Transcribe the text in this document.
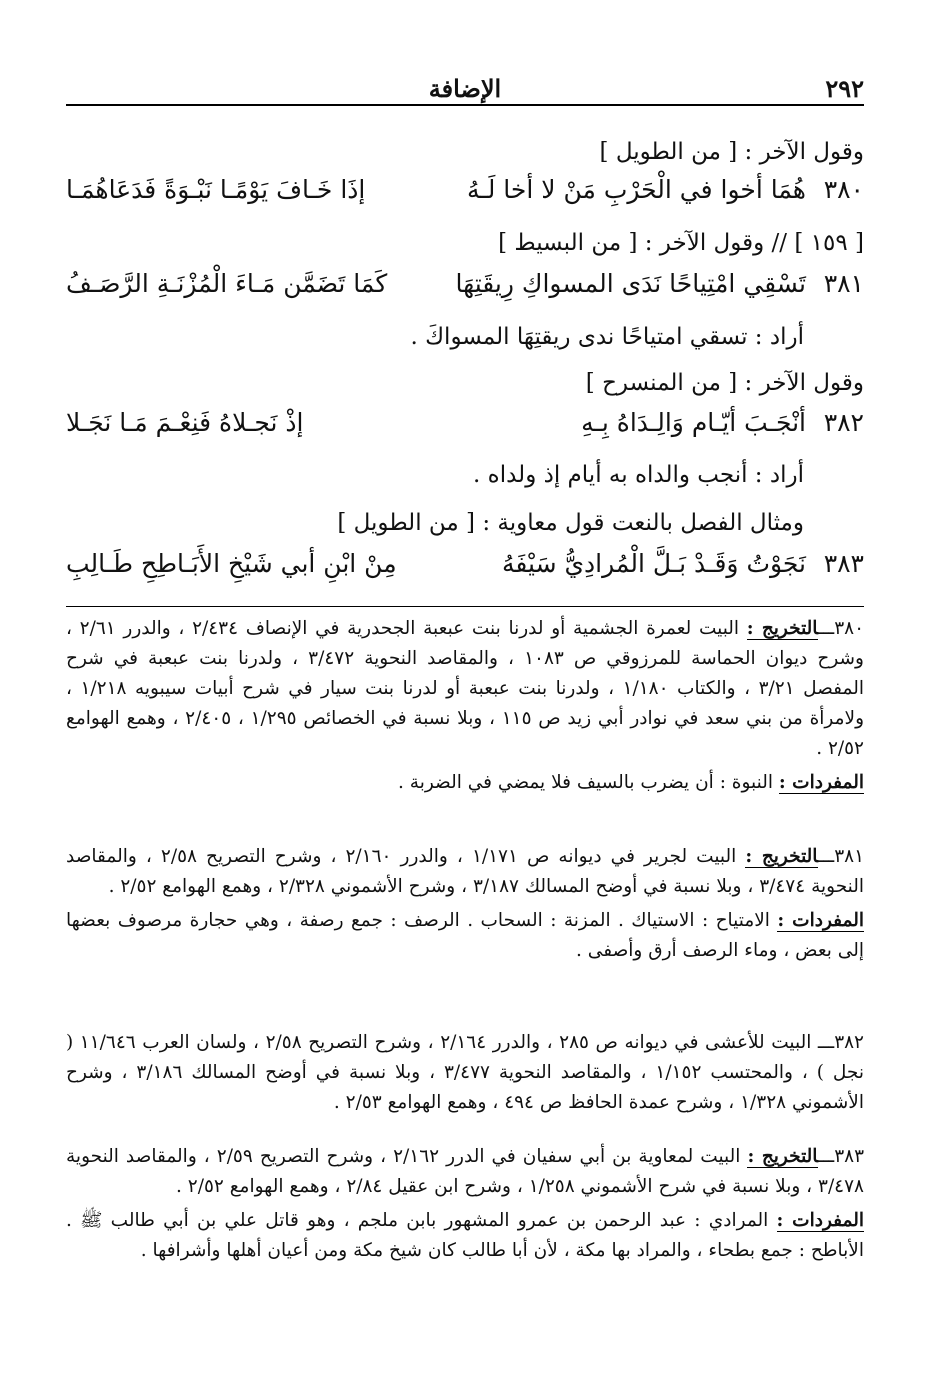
٢٩٢
الإضافة
وقول الآخر : [ من الطويل ]
٣٨٠
هُمَا أخوا في الْحَرْبِ مَنْ لا أخا لَـهُ
إذَا خَـافَ يَوْمًـا نَبْـوَةً فَدَعَاهُمَـا
[ ١٥٩ ] // وقول الآخر : [ من البسيط ]
٣٨١
تَسْقِي امْتِياحًا نَدَى المسواكِ رِيقَتِهَا
كَمَا تَضَمَّن مَـاءَ الْمُزْنَـةِ الرَّصَـفُ
أراد : تسقي امتياحًا ندى ريقتِهَا المسواكَ .
وقول الآخر : [ من المنسرح ]
٣٨٢
أنْجَـبَ أيّـام وَالِـدَاهُ بِـهِ
إذْ نَجـلاهُ فَنِعْـمَ مَـا نَجَـلا
أراد : أنجب والداه به أيام إذ ولداه .
ومثال الفصل بالنعت قول معاوية : [ من الطويل ]
٣٨٣
نَجَوْتُ وَقَـدْ بَـلَّ الْمُرادِيُّ سَيْفَهُ
مِنْ ابْنِ أبي شَيْخِ الأَبَـاطِحِ طَـالِبِ

٣٨٠ـــالتخريج : البيت لعمرة الجشمية أو لدرنا بنت عبعبة الجحدرية في الإنصاف ٢/٤٣٤ ، والدرر ٢/٦١ ، وشرح ديوان الحماسة للمرزوقي ص ١٠٨٣ ، والمقاصد النحوية ٣/٤٧٢ ، ولدرنا بنت عبعبة في شرح المفصل ٣/٢١ ، والكتاب ١/١٨٠ ، ولدرنا بنت عبعبة أو لدرنا بنت سيار في شرح أبيات سيبويه ١/٢١٨ ، ولامرأة من بني سعد في نوادر أبي زيد ص ١١٥ ، وبلا نسبة في الخصائص ١/٢٩٥ ، ٢/٤٠٥ ، وهمع الهوامع ٢/٥٢ .

المفردات : النبوة : أن يضرب بالسيف فلا يمضي في الضربة .

٣٨١ـــالتخريج : البيت لجرير في ديوانه ص ١/١٧١ ، والدرر ٢/١٦٠ ، وشرح التصريح ٢/٥٨ ، والمقاصد النحوية ٣/٤٧٤ ، وبلا نسبة في أوضح المسالك ٣/١٨٧ ، وشرح الأشموني ٢/٣٢٨ ، وهمع الهوامع ٢/٥٢ .

المفردات : الامتياح : الاستياك . المزنة : السحاب . الرصف : جمع رصفة ، وهي حجارة مرصوف بعضها إلى بعض ، وماء الرصف أرق وأصفى .

٣٨٢ـــ البيت للأعشى في ديوانه ص ٢٨٥ ، والدرر ٢/١٦٤ ، وشرح التصريح ٢/٥٨ ، ولسان العرب ١١/٦٤٦ ( نجل ) ، والمحتسب ١/١٥٢ ، والمقاصد النحوية ٣/٤٧٧ ، وبلا نسبة في أوضح المسالك ٣/١٨٦ ، وشرح الأشموني ١/٣٢٨ ، وشرح عمدة الحافظ ص ٤٩٤ ، وهمع الهوامع ٢/٥٣ .

٣٨٣ـــالتخريج : البيت لمعاوية بن أبي سفيان في الدرر ٢/١٦٢ ، وشرح التصريح ٢/٥٩ ، والمقاصد النحوية ٣/٤٧٨ ، وبلا نسبة في شرح الأشموني ١/٢٥٨ ، وشرح ابن عقيل ٢/٨٤ ، وهمع الهوامع ٢/٥٢ .

المفردات : المرادي : عبد الرحمن بن عمرو المشهور بابن ملجم ، وهو قاتل علي بن أبي طالب ﷺ . الأباطح : جمع بطحاء ، والمراد بها مكة ، لأن أبا طالب كان شيخ مكة ومن أعيان أهلها وأشرافها .
